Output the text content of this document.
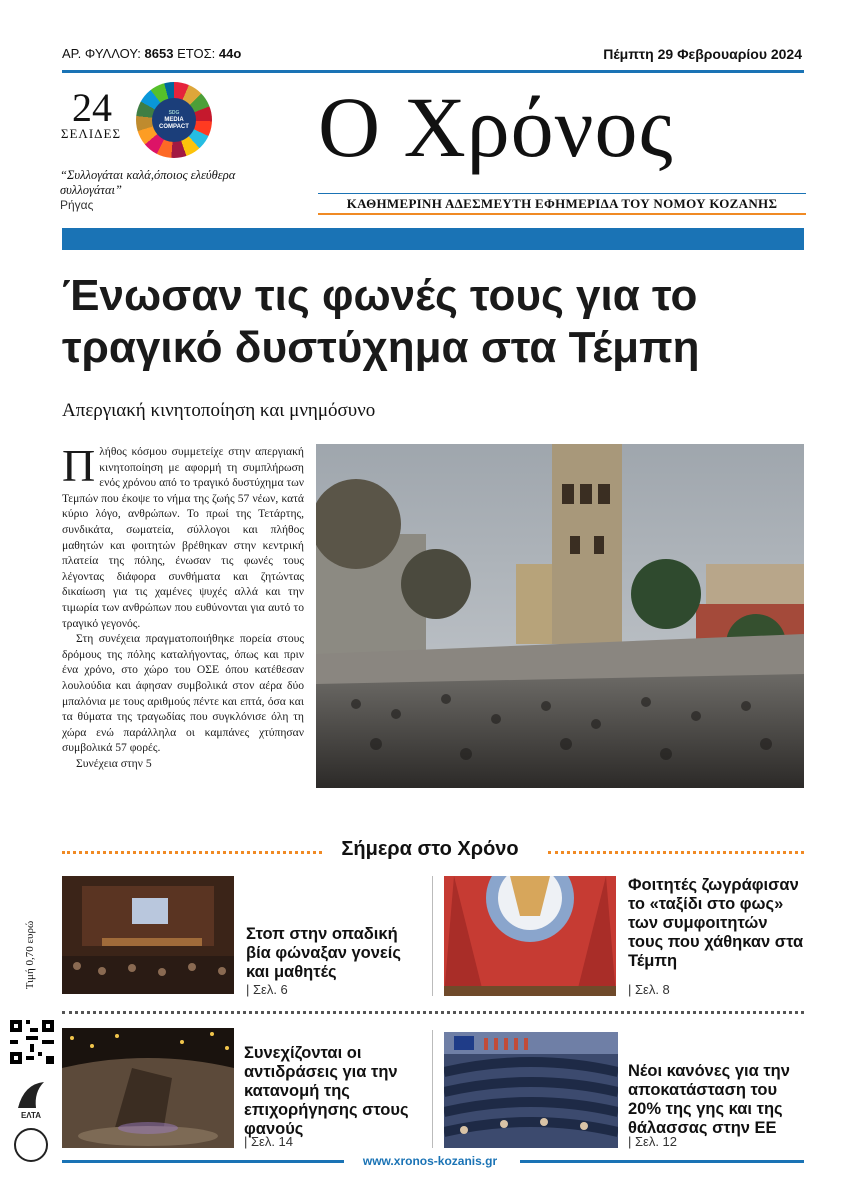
ΑΡ. ΦΥΛΛΟΥ: 8653 ΕΤΟΣ: 44ο	Πέμπτη 29 Φεβρουαρίου 2024
24
ΣΕΛΙΔΕΣ
SDG
MEDIA
COMPACT
“Συλλογάται καλά,όποιος ελεύθερα συλλογάται”
Ρήγας
Ο Χρόνος
ΚΑΘΗΜΕΡΙΝΗ ΑΔΕΣΜΕΥΤΗ ΕΦΗΜΕΡΙΔΑ ΤΟΥ ΝΟΜΟΥ ΚΟΖΑΝΗΣ
Ένωσαν τις φωνές τους για το τραγικό δυστύχημα στα Τέμπη
Απεργιακή κινητοποίηση και μνημόσυνο

Πλήθος κόσμου συμμετείχε στην απεργιακή κινητοποίηση με αφορμή τη συμπλήρωση ενός χρόνου από το τραγικό δυστύχημα των Τεμπών που έκοψε το νήμα της ζωής 57 νέων, κατά κύριο λόγο, ανθρώπων. Το πρωί της Τετάρτης, συνδικάτα, σωματεία, σύλλογοι και πλήθος μαθητών και φοιτητών βρέθηκαν στην κεντρική πλατεία της πόλης, ένωσαν τις φωνές τους λέγοντας διάφορα συνθήματα και ζητώντας δικαίωση για τις χαμένες ψυχές αλλά και την τιμωρία των ανθρώπων που ευθύνονται για αυτό το τραγικό γεγονός.

Στη συνέχεια πραγματοποιήθηκε πορεία στους δρόμους της πόλης καταλήγοντας, όπως και πριν ένα χρόνο, στο χώρο του ΟΣΕ όπου κατέθεσαν λουλούδια και άφησαν συμβολικά στον αέρα δύο μπαλόνια με τους αριθμούς πέντε και επτά, όσα και τα θύματα της τραγωδίας που συγκλόνισε όλη τη χώρα ενώ παράλληλα οι καμπάνες χτύπησαν συμβολικά 57 φορές.

Συνέχεια στην 5

Σήμερα στο Χρόνο
Τιμή 0,70 ευρώ	Στοπ στην οπαδική βία φώναξαν γονείς και μαθητές
| Σελ. 6
Φοιτητές ζωγράφισαν το «ταξίδι στο φως» των συμφοιτητών τους που χάθηκαν στα Τέμπη
| Σελ. 8
Συνεχίζονται οι αντιδράσεις για την κατανομή της επιχορήγησης στους φανούς
| Σελ. 14
Νέοι κανόνες για την αποκατάσταση του 20% της γης και της θάλασσας στην ΕΕ
| Σελ. 12
ΕΛΤΑ
www.xronos-kozanis.gr
